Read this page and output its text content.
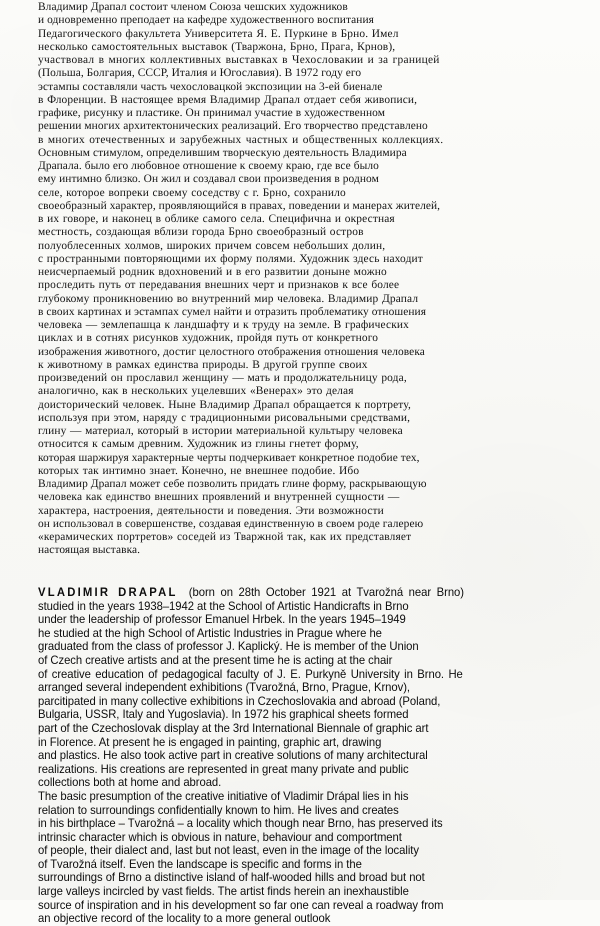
Владимир Драпал состоит членом Союза чешских художников
и одновременно преподает на кафедре художественного воспитания
Педагогического факультета Университета Я. Е. Пуркине в Брно. Имел
несколько самостоятельных выставок (Тваржона, Брно, Прага, Крнов),
участвовал в многих коллективных выставках в Чехословакии и за границей
(Польша, Болгария, СССР, Италия и Югославия). В 1972 году его
эстампы составляли часть чехословацкой экспозиции на 3-ей биенале
в Флоренции. В настоящее время Владимир Драпал отдает себя живописи,
графике, рисунку и пластике. Он принимал участие в художественном
решении многих архитектонических реализаций. Его творчество представлено
в многих отечественных и зарубежных частных и общественных коллекциях.
Основным стимулом, определившим творческую деятельность Владимира
Драпала. было его любовное отношение к своему краю, где все было
ему интимно близко. Он жил и создавал свои произведения в родном
селе, которое вопреки своему соседству с г. Брно, сохранило
своеобразный характер, проявляющийся в правах, поведении и манерах жителей,
в их говоре, и наконец в облике самого села. Специфична и окрестная
местность, создающая вблизи города Брно своеобразный остров
полуоблесенных холмов, широких причем совсем небольших долин,
с пространными повторяющими их форму полями. Художник здесь находит
неисчерпаемый родник вдохновений и в его развитии доныне можно
проследить путь от передавания внешних черт и признаков к все более
глубокому проникновению во внутренний мир человека. Владимир Драпал
в своих картинах и эстампах сумел найти и отразить проблематику отношения
человека — землепашца к ландшафту и к труду на земле. В графических
циклах и в сотнях рисунков художник, пройдя путь от конкретного
изображения животного, достиг целостного отображения отношения человека
к животному в рамках единства природы. В другой группе своих
произведений он прославил женщину — мать и продолжательницу рода,
аналогично, как в нескольких уцелевших «Венерах» это делая
доисторический человек. Ныне Владимир Драпал обращается к портрету,
используя при этом, наряду с традиционными рисовальными средствами,
глину — материал, который в истории материальной культыру человека
относится к самым древним. Художник из глины гнетет форму,
которая шаржируя характерные черты подчеркивает конкретное подобие тех,
которых так интимно знает. Конечно, не внешнее подобие. Ибо
Владимир Драпал может себе позволить придать глине форму, раскрывающую
человека как единство внешних проявлений и внутренней сущности —
характера, настроения, деятельности и поведения. Эти возможности
он использовал в совершенстве, создавая единственную в своем роде галерею
«керамических портретов» соседей из Тваржной так, как их представляет
настоящая выставка.
VLADIMIR DRAPAL  (born on 28th October 1921 at Tvarožná near Brno)
studied in the years 1938–1942 at the School of Artistic Handicrafts in Brno
under the leadership of professor Emanuel Hrbek. In the years 1945–1949
he studied at the high School of Artistic Industries in Prague where he
graduated from the class of professor J. Kaplický. He is member of the Union
of Czech creative artists and at the present time he is acting at the chair
of creative education of pedagogical faculty of J. E. Purkyně University in Brno. He
arranged several independent exhibitions (Tvarožná, Brno, Prague, Krnov),
parcitipated in many collective exhibitions in Czechoslovakia and abroad (Poland,
Bulgaria, USSR, Italy and Yugoslavia). In 1972 his graphical sheets formed
part of the Czechoslovak display at the 3rd International Biennale of graphic art
in Florence. At present he is engaged in painting, graphic art, drawing
and plastics. He also took active part in creative solutions of many architectural
realizations. His creations are represented in great many private and public
collections both at home and abroad.
The basic presumption of the creative initiative of Vladimir Drápal lies in his
relation to surroundings confidentially known to him. He lives and creates
in his birthplace – Tvarožná – a locality which though near Brno, has preserved its
intrinsic character which is obvious in nature, behaviour and comportment
of people, their dialect and, last but not least, even in the image of the locality
of Tvarožná itself. Even the landscape is specific and forms in the
surroundings of Brno a distinctive island of half-wooded hills and broad but not
large valleys incircled by vast fields. The artist finds herein an inexhaustible
source of inspiration and in his development so far one can reveal a roadway from
an objective record of the locality to a more general outlook
